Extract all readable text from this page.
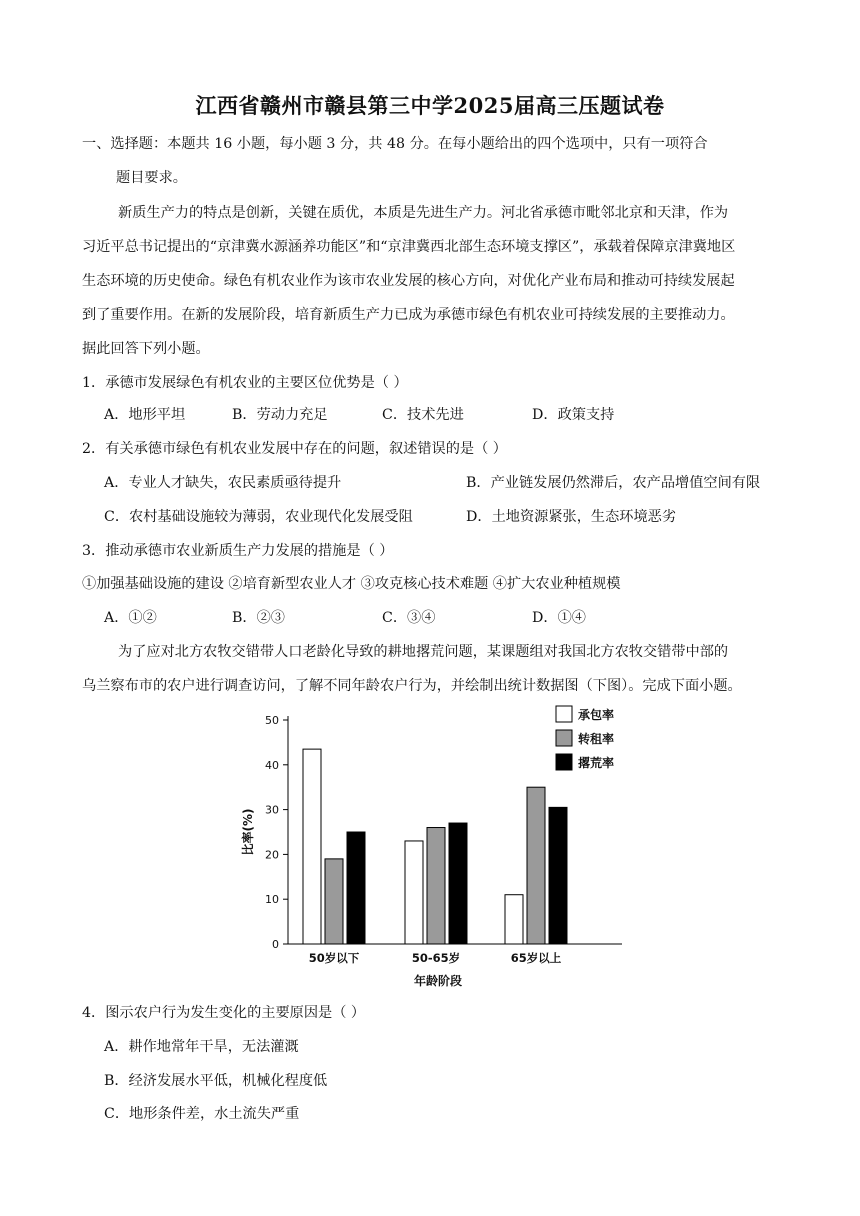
江西省赣州市赣县第三中学2025届高三压题试卷
一、选择题：本题共 16 小题，每小题 3 分，共 48 分。在每小题给出的四个选项中，只有一项符合
题目要求。
新质生产力的特点是创新，关键在质优，本质是先进生产力。河北省承德市毗邻北京和天津，作为
习近平总书记提出的“京津冀水源涵养功能区”和“京津冀西北部生态环境支撑区”，承载着保障京津冀地区
生态环境的历史使命。绿色有机农业作为该市农业发展的核心方向，对优化产业布局和推动可持续发展起
到了重要作用。在新的发展阶段，培育新质生产力已成为承德市绿色有机农业可持续发展的主要推动力。
据此回答下列小题。
1．承德市发展绿色有机农业的主要区位优势是（ ）
A．地形平坦	B．劳动力充足	C．技术先进	D．政策支持
2．有关承德市绿色有机农业发展中存在的问题，叙述错误的是（ ）
A．专业人才缺失，农民素质亟待提升	B．产业链发展仍然滞后，农产品增值空间有限
C．农村基础设施较为薄弱，农业现代化发展受阻	D．土地资源紧张，生态环境恶劣
3．推动承德市农业新质生产力发展的措施是（ ）
①加强基础设施的建设 ②培育新型农业人才 ③攻克核心技术难题 ④扩大农业种植规模
A．①②	B．②③	C．③④	D．①④
为了应对北方农牧交错带人口老龄化导致的耕地撂荒问题，某课题组对我国北方农牧交错带中部的
乌兰察布市的农户进行调查访问，了解不同年龄农户行为，并绘制出统计数据图（下图）。完成下面小题。
0
10
20
30
40
50
比率(%)
50岁以下	50-65岁	65岁以上
年龄阶段
承包率
转租率
撂荒率
4．图示农户行为发生变化的主要原因是（ ）
A．耕作地常年干旱，无法灌溉
B．经济发展水平低，机械化程度低
C．地形条件差，水土流失严重
